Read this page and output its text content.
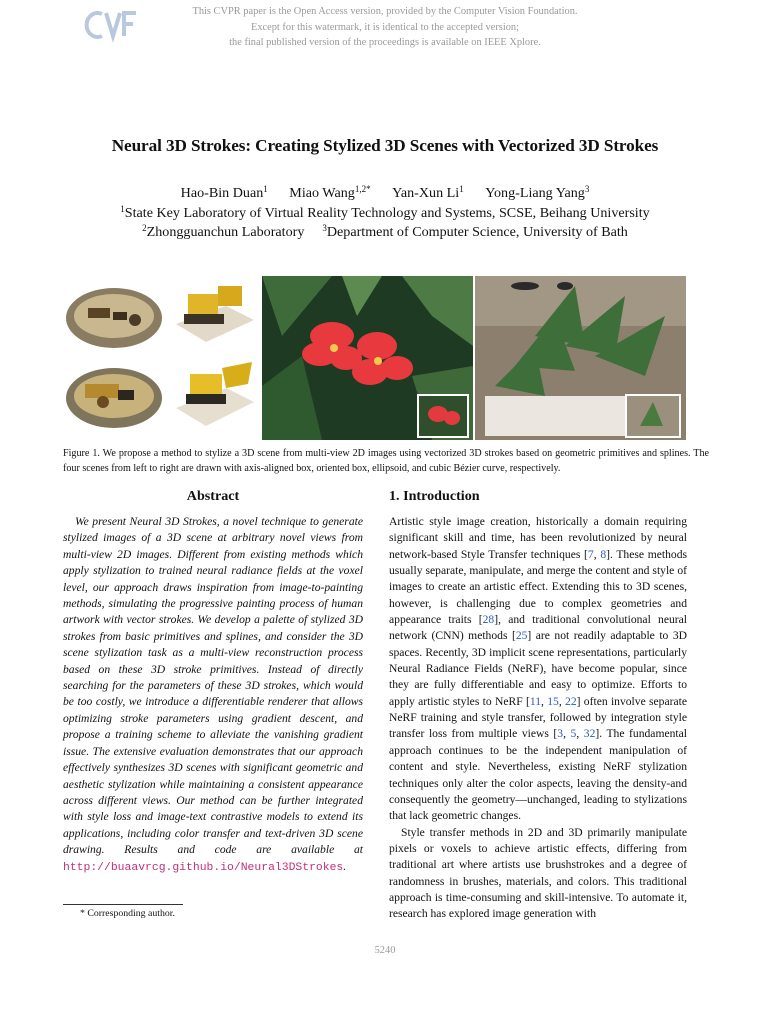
This CVPR paper is the Open Access version, provided by the Computer Vision Foundation.
Except for this watermark, it is identical to the accepted version;
the final published version of the proceedings is available on IEEE Xplore.
Neural 3D Strokes: Creating Stylized 3D Scenes with Vectorized 3D Strokes
Hao-Bin Duan$^1$ Miao Wang$^{1,2*}$ Yan-Xun Li$^1$ Yong-Liang Yang$^3$
$^1$State Key Laboratory of Virtual Reality Technology and Systems, SCSE, Beihang University
$^2$Zhongguanchun Laboratory $^3$Department of Computer Science, University of Bath
Figure 1. We propose a method to stylize a 3D scene from multi-view 2D images using vectorized 3D strokes based on geometric primitives and splines. The four scenes from left to right are drawn with axis-aligned box, oriented box, ellipsoid, and cubic Bézier curve, respectively.
Abstract	1. Introduction

We present Neural 3D Strokes, a novel technique to generate stylized images of a 3D scene at arbitrary novel views from multi-view 2D images. Different from existing methods which apply stylization to trained neural radiance fields at the voxel level, our approach draws inspiration from image-to-painting methods, simulating the progressive painting process of human artwork with vector strokes. We develop a palette of stylized 3D strokes from basic primitives and splines, and consider the 3D scene stylization task as a multi-view reconstruction process based on these 3D stroke primitives. Instead of directly searching for the parameters of these 3D strokes, which would be too costly, we introduce a differentiable renderer that allows optimizing stroke parameters using gradient descent, and propose a training scheme to alleviate the vanishing gradient issue. The extensive evaluation demonstrates that our approach effectively synthesizes 3D scenes with significant geometric and aesthetic stylization while maintaining a consistent appearance across different views. Our method can be further integrated with style loss and image-text contrastive models to extend its applications, including color transfer and text-driven 3D scene drawing. Results and code are available at http://buaavrcg.github.io/Neural3DStrokes.

Artistic style image creation, historically a domain requiring significant skill and time, has been revolutionized by neural network-based Style Transfer techniques [7, 8]. These methods usually separate, manipulate, and merge the content and style of images to create an artistic effect. Extending this to 3D scenes, however, is challenging due to complex geometries and appearance traits [28], and traditional convolutional neural network (CNN) methods [25] are not readily adaptable to 3D spaces. Recently, 3D implicit scene representations, particularly Neural Radiance Fields (NeRF), have become popular, since they are fully differentiable and easy to optimize. Efforts to apply artistic styles to NeRF [11, 15, 22] often involve separate NeRF training and style transfer, followed by integration style transfer loss from multiple views [3, 5, 32]. The fundamental approach continues to be the independent manipulation of content and style. Nevertheless, existing NeRF stylization techniques only alter the color aspects, leaving the density-and consequently the geometry—unchanged, leading to stylizations that lack geometric changes.

Style transfer methods in 2D and 3D primarily manipulate pixels or voxels to achieve artistic effects, differing from traditional art where artists use brushstrokes and a degree of randomness in brushes, materials, and colors. This traditional approach is time-consuming and skill-intensive. To automate it, research has explored image generation with

* Corresponding author.
5240
